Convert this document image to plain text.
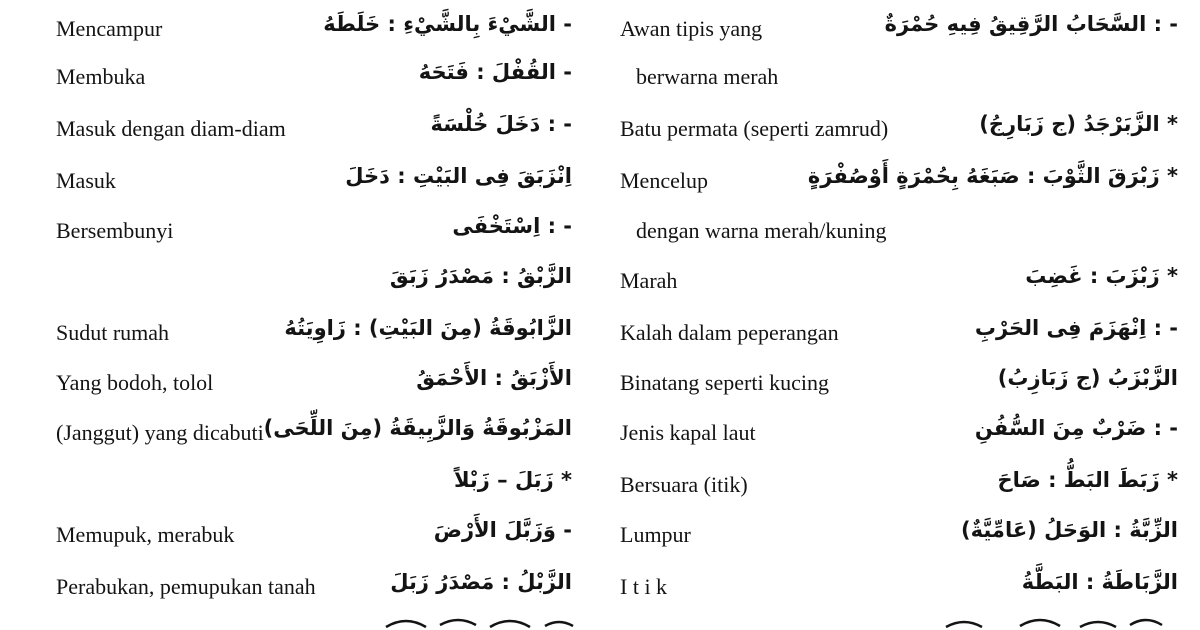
Mencampur	- الشَّيْءَ بِالشَّيْءِ : خَلَطَهُ
Membuka	- القُفْلَ : فَتَحَهُ
Masuk dengan diam-diam	- : دَخَلَ خُلْسَةً
Masuk	اِنْزَبَقَ فِى البَيْتِ : دَخَلَ
Bersembunyi	- : اِسْتَخْفَى
الزَّبْقُ : مَصْدَرُ زَبَقَ
Sudut rumah	الزَّابُوقَةُ (مِنَ البَيْتِ) : زَاوِيَتُهُ
Yang bodoh, tolol	الأَزْبَقُ : الأَحْمَقُ
(Janggut) yang dicabuti المَزْبُوقَةُ وَالزَّبِيقَةُ (مِنَ اللِّحَى)
* زَبَلَ – زَبْلاً
Memupuk, merabuk	- وَزَبَّلَ الأَرْضَ
Perabukan, pemupukan tanah	الزَّبْلُ : مَصْدَرُ زَبَلَ
Awan tipis yang	- : السَّحَابُ الرَّقِيقُ فِيهِ حُمْرَةٌ
berwarna merah
Batu permata (seperti zamrud)	* الزَّبَرْجَدُ (ج زَبَارِجُ)
Mencelup	* زَبْرَقَ الثَّوْبَ : صَبَغَهُ بِحُمْرَةٍ أَوْصُفْرَةٍ
dengan warna merah/kuning
Marah	* زَبْزَبَ : غَضِبَ
Kalah dalam peperangan	- : اِنْهَزَمَ فِى الحَرْبِ
Binatang seperti kucing	الزَّبْزَبُ (ج زَبَازِبُ)
Jenis kapal laut	- : ضَرْبٌ مِنَ السُّفُنِ
Bersuara (itik)	* زَبَطَ البَطُّ : صَاحَ
Lumpur	الزِّبَّةُ : الوَحَلُ (عَامِّيَّةٌ)
I t i k	الزَّبَاطَةُ : البَطَّةُ
